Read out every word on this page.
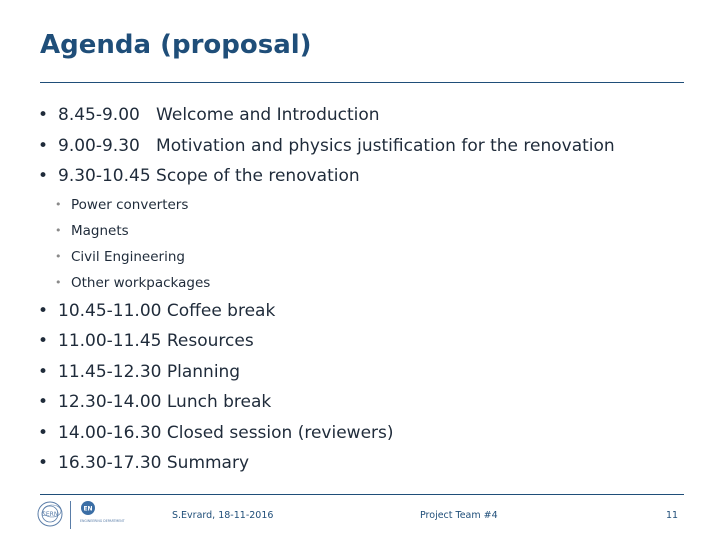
Agenda (proposal)
• 8.45-9.00   Welcome and Introduction
• 9.00-9.30   Motivation and physics justification for the renovation
• 9.30-10.45 Scope of the renovation
• Power converters
• Magnets
• Civil Engineering
• Other workpackages
• 10.45-11.00 Coffee break
• 11.00-11.45 Resources
• 11.45-12.30 Planning
• 12.30-14.00 Lunch break
• 14.00-16.30 Closed session (reviewers)
• 16.30-17.30 Summary
CERN
EN
ENGINEERING DEPARTMENT	S.Evrard, 18-11-2016	Project Team #4	11
